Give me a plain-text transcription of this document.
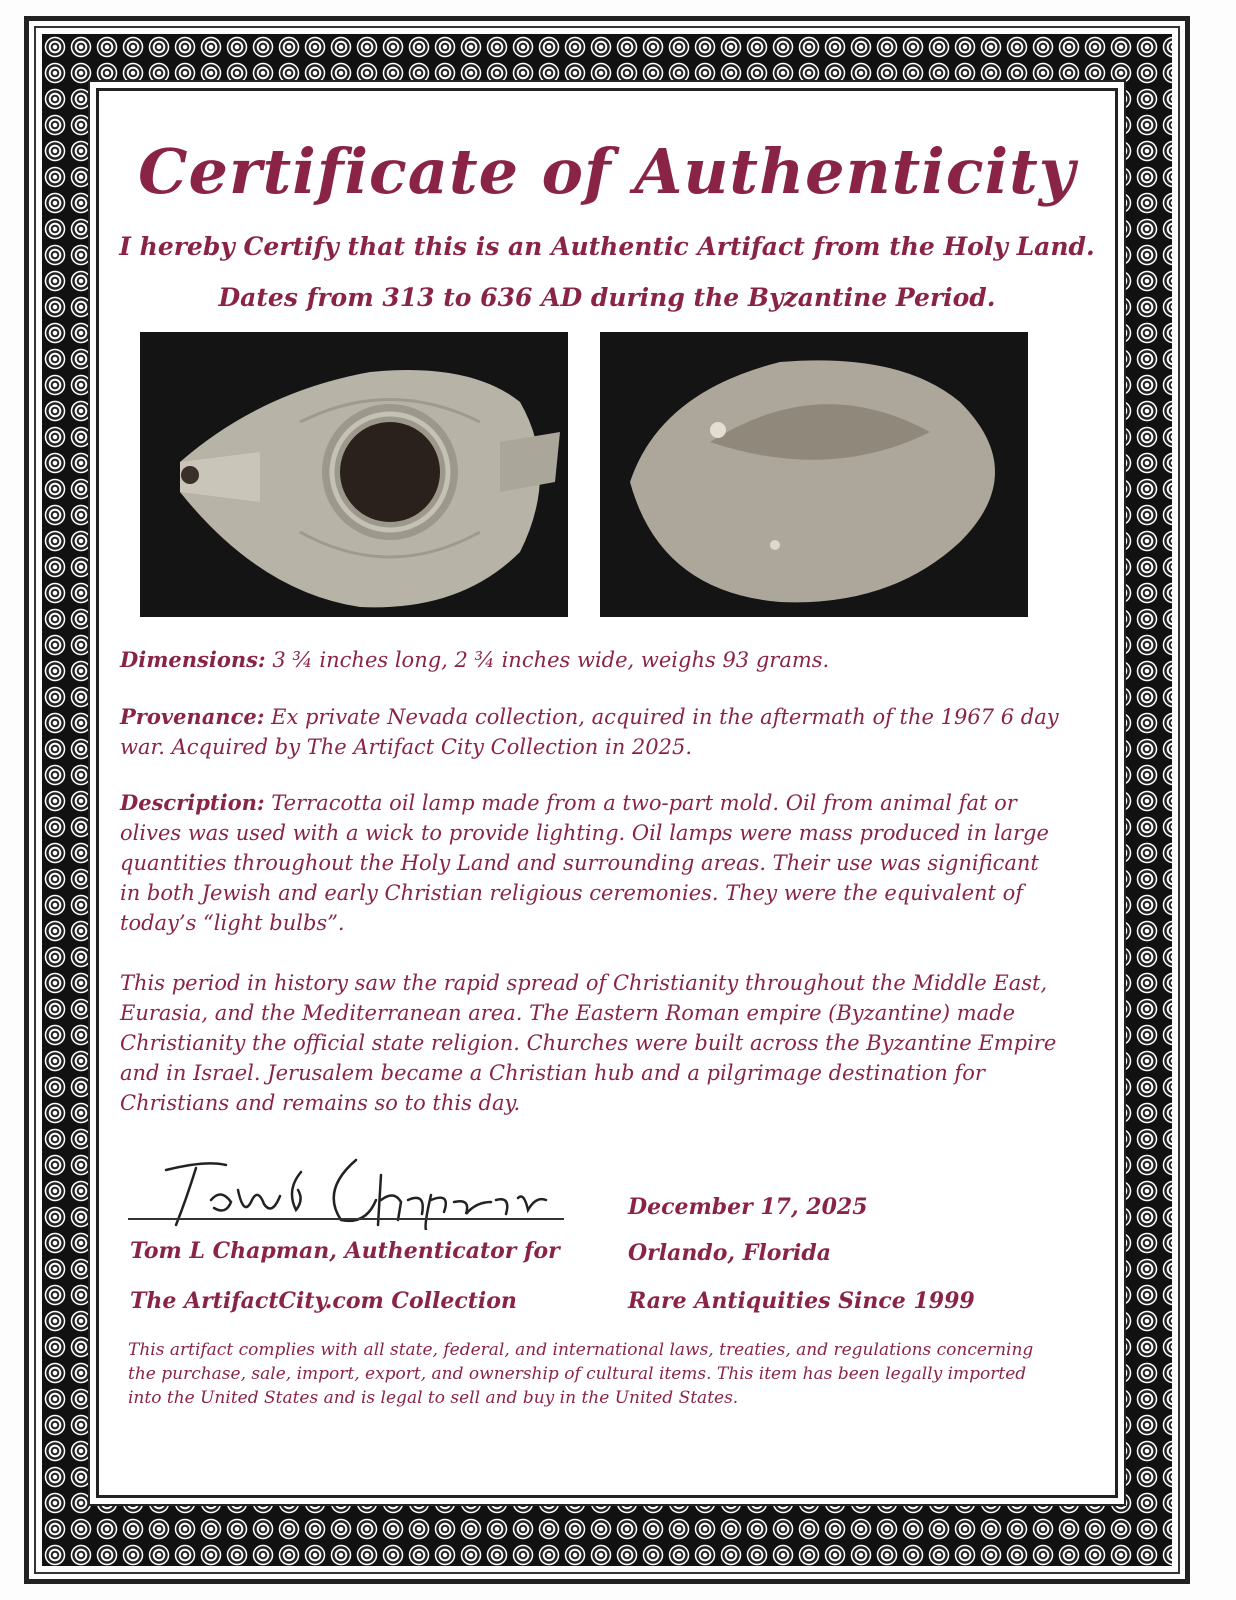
Certificate of Authenticity
I hereby Certify that this is an Authentic Artifact from the Holy Land.
Dates from 313 to 636 AD during the Byzantine Period.
Dimensions: 3 ¾ inches long, 2 ¾ inches wide, weighs 93 grams.
Provenance: Ex private Nevada collection, acquired in the aftermath of the 1967 6 day war. Acquired by The Artifact City Collection in 2025.
Description: Terracotta oil lamp made from a two-part mold. Oil from animal fat or olives was used with a wick to provide lighting. Oil lamps were mass produced in large quantities throughout the Holy Land and surrounding areas. Their use was significant in both Jewish and early Christian religious ceremonies. They were the equivalent of today’s “light bulbs”.
This period in history saw the rapid spread of Christianity throughout the Middle East, Eurasia, and the Mediterranean area. The Eastern Roman empire (Byzantine) made Christianity the official state religion. Churches were built across the Byzantine Empire and in Israel. Jerusalem became a Christian hub and a pilgrimage destination for Christians and remains so to this day.
Tom L Chapman, Authenticator for
The ArtifactCity.com Collection
December 17, 2025
Orlando, Florida
Rare Antiquities Since 1999
This artifact complies with all state, federal, and international laws, treaties, and regulations concerning the purchase, sale, import, export, and ownership of cultural items. This item has been legally imported into the United States and is legal to sell and buy in the United States.
